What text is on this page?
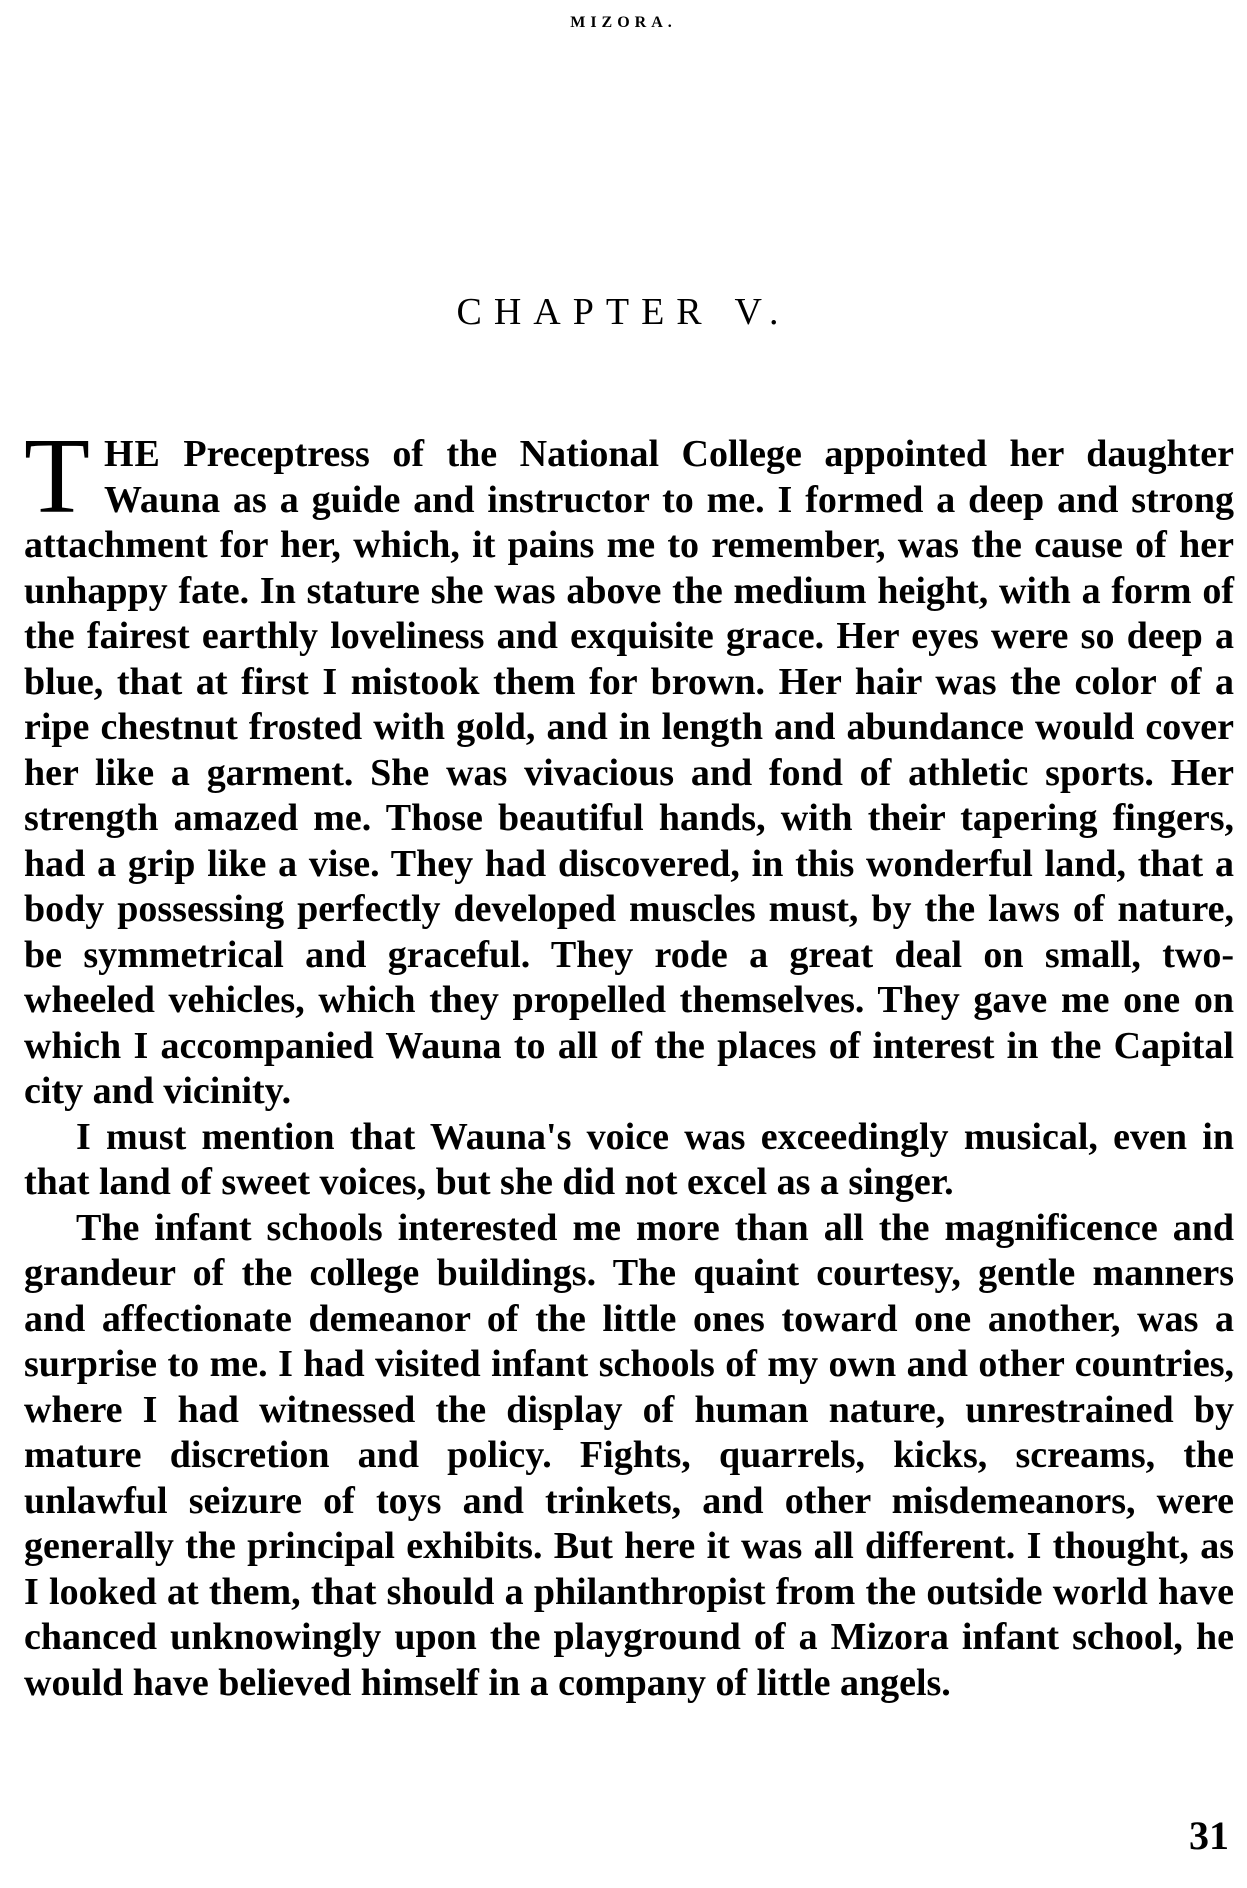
MIZORA.
CHAPTER V.

THE Preceptress of the National College appointed her daughter Wauna as a guide and instructor to me. I formed a deep and strong attachment for her, which, it pains me to remember, was the cause of her unhappy fate. In stature she was above the medium height, with a form of the fairest earthly loveliness and exquisite grace. Her eyes were so deep a blue, that at first I mistook them for brown. Her hair was the color of a ripe chestnut frosted with gold, and in length and abundance would cover her like a garment. She was vivacious and fond of athletic sports. Her strength amazed me. Those beautiful hands, with their tapering fingers, had a grip like a vise. They had discovered, in this wonderful land, that a body possessing perfectly developed muscles must, by the laws of nature, be symmetrical and graceful. They rode a great deal on small, two-wheeled vehicles, which they propelled themselves. They gave me one on which I accompanied Wauna to all of the places of interest in the Capital city and vicinity.

I must mention that Wauna's voice was exceedingly musical, even in that land of sweet voices, but she did not excel as a singer.

The infant schools interested me more than all the magnificence and grandeur of the college buildings. The quaint courtesy, gentle manners and affectionate demeanor of the little ones toward one another, was a surprise to me. I had visited infant schools of my own and other countries, where I had witnessed the display of human nature, unrestrained by mature discretion and policy. Fights, quarrels, kicks, screams, the unlawful seizure of toys and trinkets, and other misdemeanors, were generally the principal exhibits. But here it was all different. I thought, as I looked at them, that should a philanthropist from the outside world have chanced unknowingly upon the playground of a Mizora infant school, he would have believed himself in a company of little angels.

31
